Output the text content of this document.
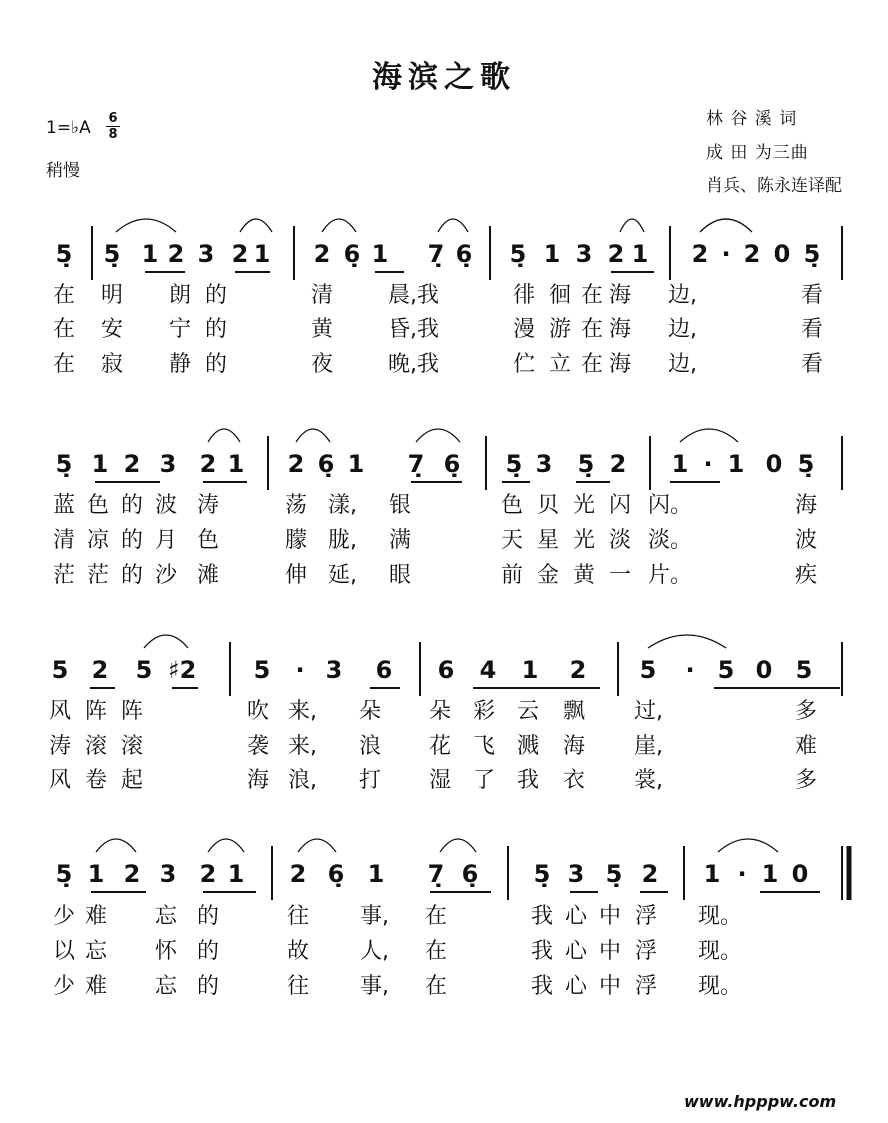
海滨之歌
1=♭A 6
8
稍慢
林 谷 溪 词
成 田 为三曲
肖兵、陈永连译配
5̣ 5̣ 1 2 3 2 1 2 6̣ 1 7̣ 6̣ 5̣ 1 3 2 1 2 · 2 0 5̣
在 明 朗 的	清	晨,我	徘 徊 在 海 边,	看
在 安 宁 的	黄	昏,我	漫 游 在 海 边,	看
在 寂 静 的	夜	晚,我	伫 立 在 海 边,	看
5̣ 1 2 3 2 1 2 6̣ 1 7̣ 6̣ 5̣ 3 5̣ 2 1 · 1 0 5̣
蓝 色 的 波 涛	荡 漾,	银	色 贝 光 闪 闪。	海
清 凉 的 月 色	朦 胧,	满	天 星 光 淡 淡。	波
茫 茫 的 沙 滩	伸 延,	眼	前 金 黄 一 片。	疾
5 2 5 ♯2 5	· 3 6 6 4 1 2 5	· 5 0 5
风 阵 阵	吹 来,	朵 朵 彩 云 飘 过,	多
涛 滚 滚	袭 来,	浪 花 飞 溅 海 崖,	难
风 卷 起	海 浪,	打 湿 了 我 衣 裳,	多
5̣ 1 2 3 2 1 2 6̣ 1 7̣ 6̣ 5̣ 3 5̣ 2 1 · 1 0
少 难 忘 的	往 事,	在	我 心 中 浮 现。
以 忘 怀 的	故 人,	在	我 心 中 浮 现。
少 难 忘 的	往 事,	在	我 心 中 浮 现。
www.hpppw.com
